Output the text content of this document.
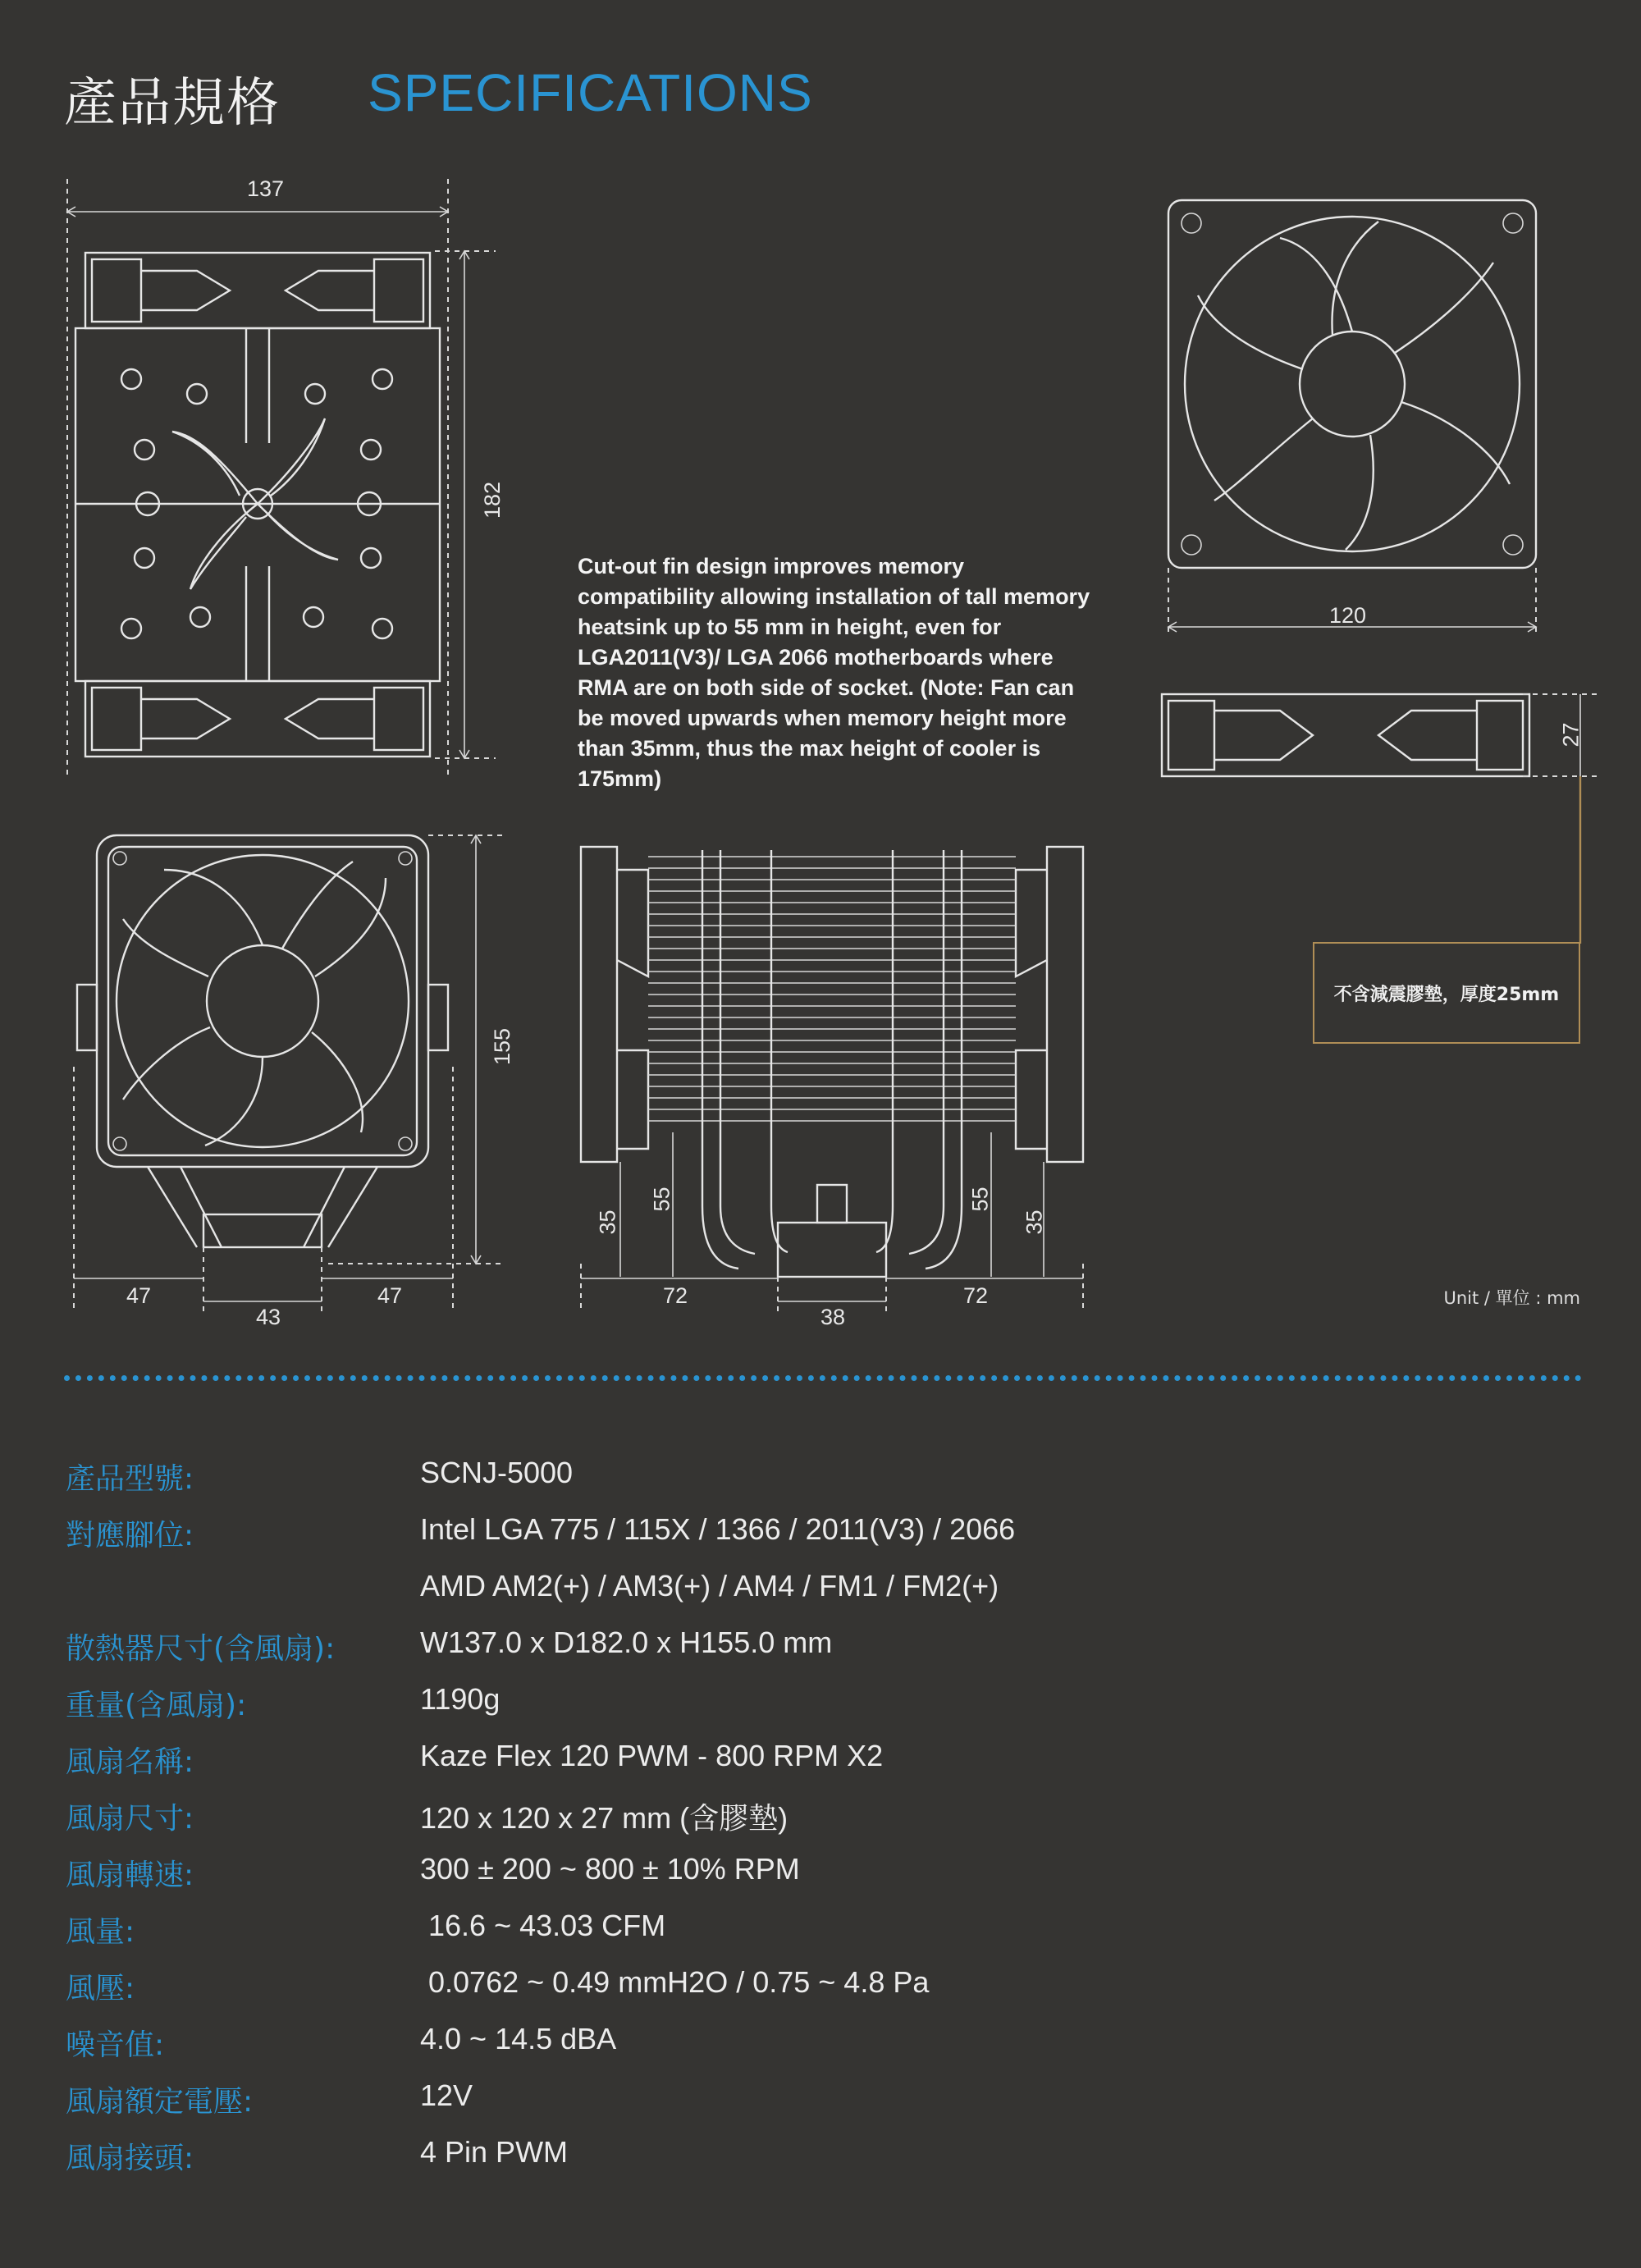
產品規格 SPECIFICATIONS
137
182
120
27
155
47
43
47	72
38
72
35
55	55
35
Cut-out fin design improves memory compatibility allowing installation of tall memory heatsink up to 55 mm in height, even for LGA2011(V3)/ LGA 2066 motherboards where RMA are on both side of socket. (Note: Fan can be moved upwards when memory height more than 35mm, thus the max height of cooler is 175mm)
不含減震膠墊，厚度25mm
Unit / 單位 : mm
產品型號:	SCNJ-5000
對應腳位:	Intel LGA 775 / 115X / 1366 / 2011(V3) / 2066
AMD AM2(+) / AM3(+) / AM4 / FM1 / FM2(+)
散熱器尺寸(含風扇):	W137.0 x D182.0 x H155.0 mm
重量(含風扇):	1190g
風扇名稱:	Kaze Flex 120 PWM - 800 RPM X2
風扇尺寸:	120 x 120 x 27 mm (含膠墊)
風扇轉速:	300 ± 200 ~ 800 ± 10% RPM
風量:	16.6 ~ 43.03 CFM
風壓:	0.0762 ~ 0.49 mmH2O / 0.75 ~ 4.8 Pa
噪音值:	4.0 ~ 14.5 dBA
風扇額定電壓:	12V
風扇接頭:	4 Pin PWM
